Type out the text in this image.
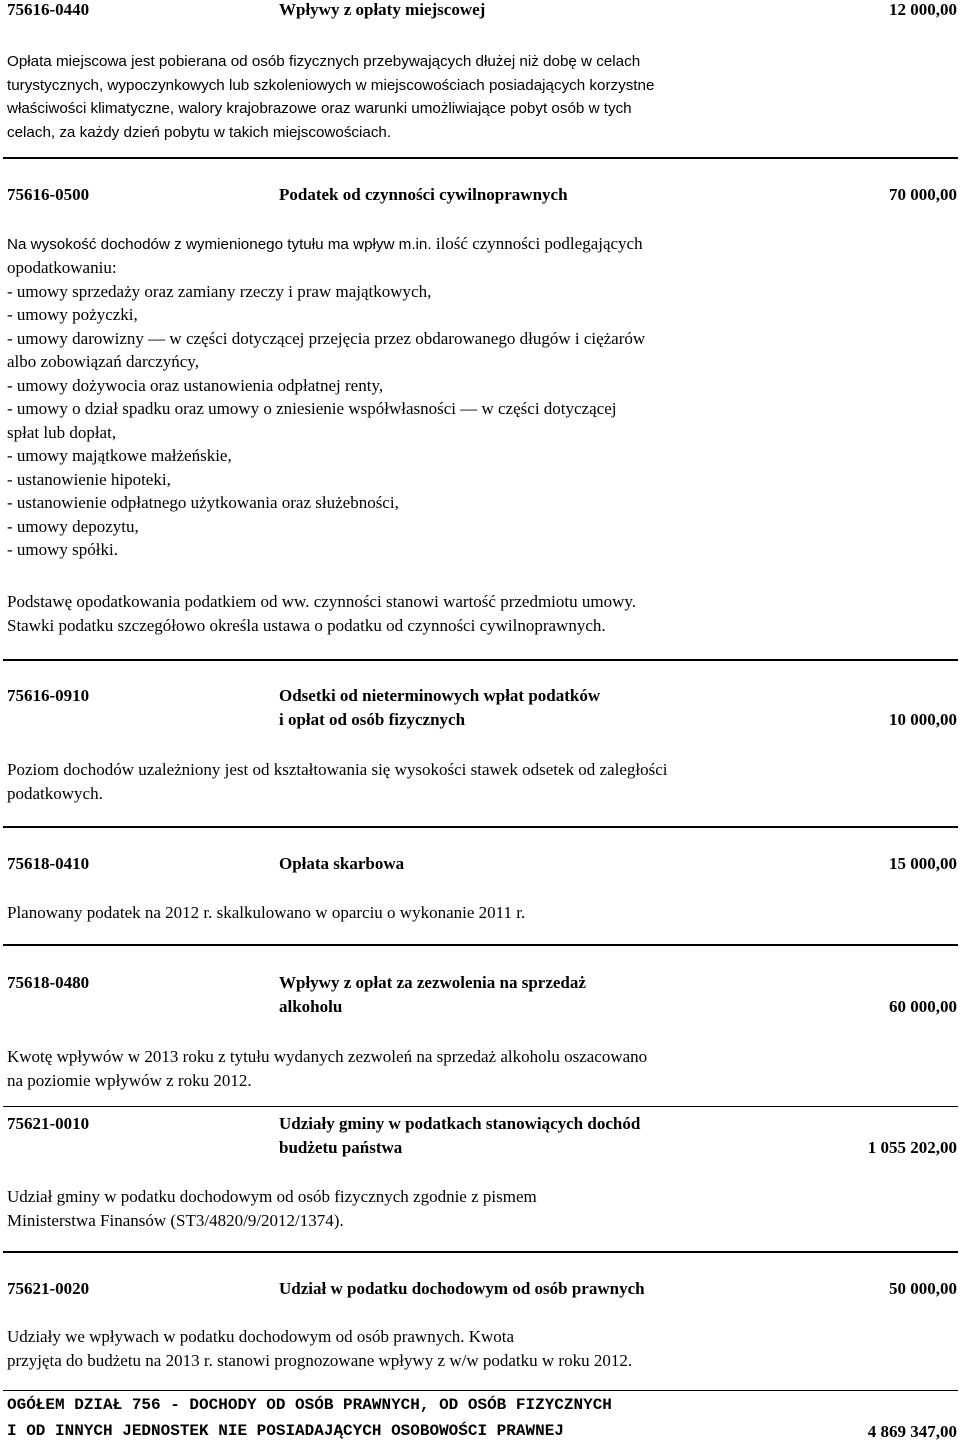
75616-0440	Wpływy z opłaty miejscowej	12 000,00
Opłata miejscowa jest pobierana od osób fizycznych przebywających dłużej niż dobę w celach
turystycznych, wypoczynkowych lub szkoleniowych w miejscowościach posiadających korzystne
właściwości klimatyczne, walory krajobrazowe oraz warunki umożliwiające pobyt osób w tych
celach, za każdy dzień pobytu w takich miejscowościach.
75616-0500	Podatek od czynności cywilnoprawnych	70 000,00
Na wysokość dochodów z wymienionego tytułu ma wpływ m.in. ilość czynności podlegających
opodatkowaniu:
- umowy sprzedaży oraz zamiany rzeczy i praw majątkowych,
- umowy pożyczki,
- umowy darowizny — w części dotyczącej przejęcia przez obdarowanego długów i ciężarów
albo zobowiązań darczyńcy,
- umowy dożywocia oraz ustanowienia odpłatnej renty,
- umowy o dział spadku oraz umowy o zniesienie współwłasności — w części dotyczącej
spłat lub dopłat,
- umowy majątkowe małżeńskie,
- ustanowienie hipoteki,
- ustanowienie odpłatnego użytkowania oraz służebności,
- umowy depozytu,
- umowy spółki.
Podstawę opodatkowania podatkiem od ww. czynności stanowi wartość przedmiotu umowy.
Stawki podatku szczegółowo określa ustawa o podatku od czynności cywilnoprawnych.
75616-0910	Odsetki od nieterminowych wpłat podatków
i opłat od osób fizycznych	10 000,00
Poziom dochodów uzależniony jest od kształtowania się wysokości stawek odsetek od zaległości
podatkowych.
75618-0410	Opłata skarbowa	15 000,00
Planowany podatek na 2012 r. skalkulowano w oparciu o wykonanie 2011 r.
75618-0480	Wpływy z opłat za zezwolenia na sprzedaż
alkoholu	60 000,00
Kwotę wpływów w 2013 roku z tytułu wydanych zezwoleń na sprzedaż alkoholu oszacowano
na poziomie wpływów z roku 2012.
75621-0010	Udziały gminy w podatkach stanowiących dochód
budżetu państwa	1 055 202,00
Udział gminy w podatku dochodowym od osób fizycznych zgodnie z pismem
Ministerstwa Finansów (ST3/4820/9/2012/1374).
75621-0020	Udział w podatku dochodowym od osób prawnych	50 000,00
Udziały we wpływach w podatku dochodowym od osób prawnych. Kwota
przyjęta do budżetu na 2013 r. stanowi prognozowane wpływy z w/w podatku w roku 2012.
OGÓŁEM DZIAŁ 756 - DOCHODY OD OSÓB PRAWNYCH, OD OSÓB FIZYCZNYCH
I OD INNYCH JEDNOSTEK NIE POSIADAJĄCYCH OSOBOWOŚCI PRAWNEJ	4 869 347,00
